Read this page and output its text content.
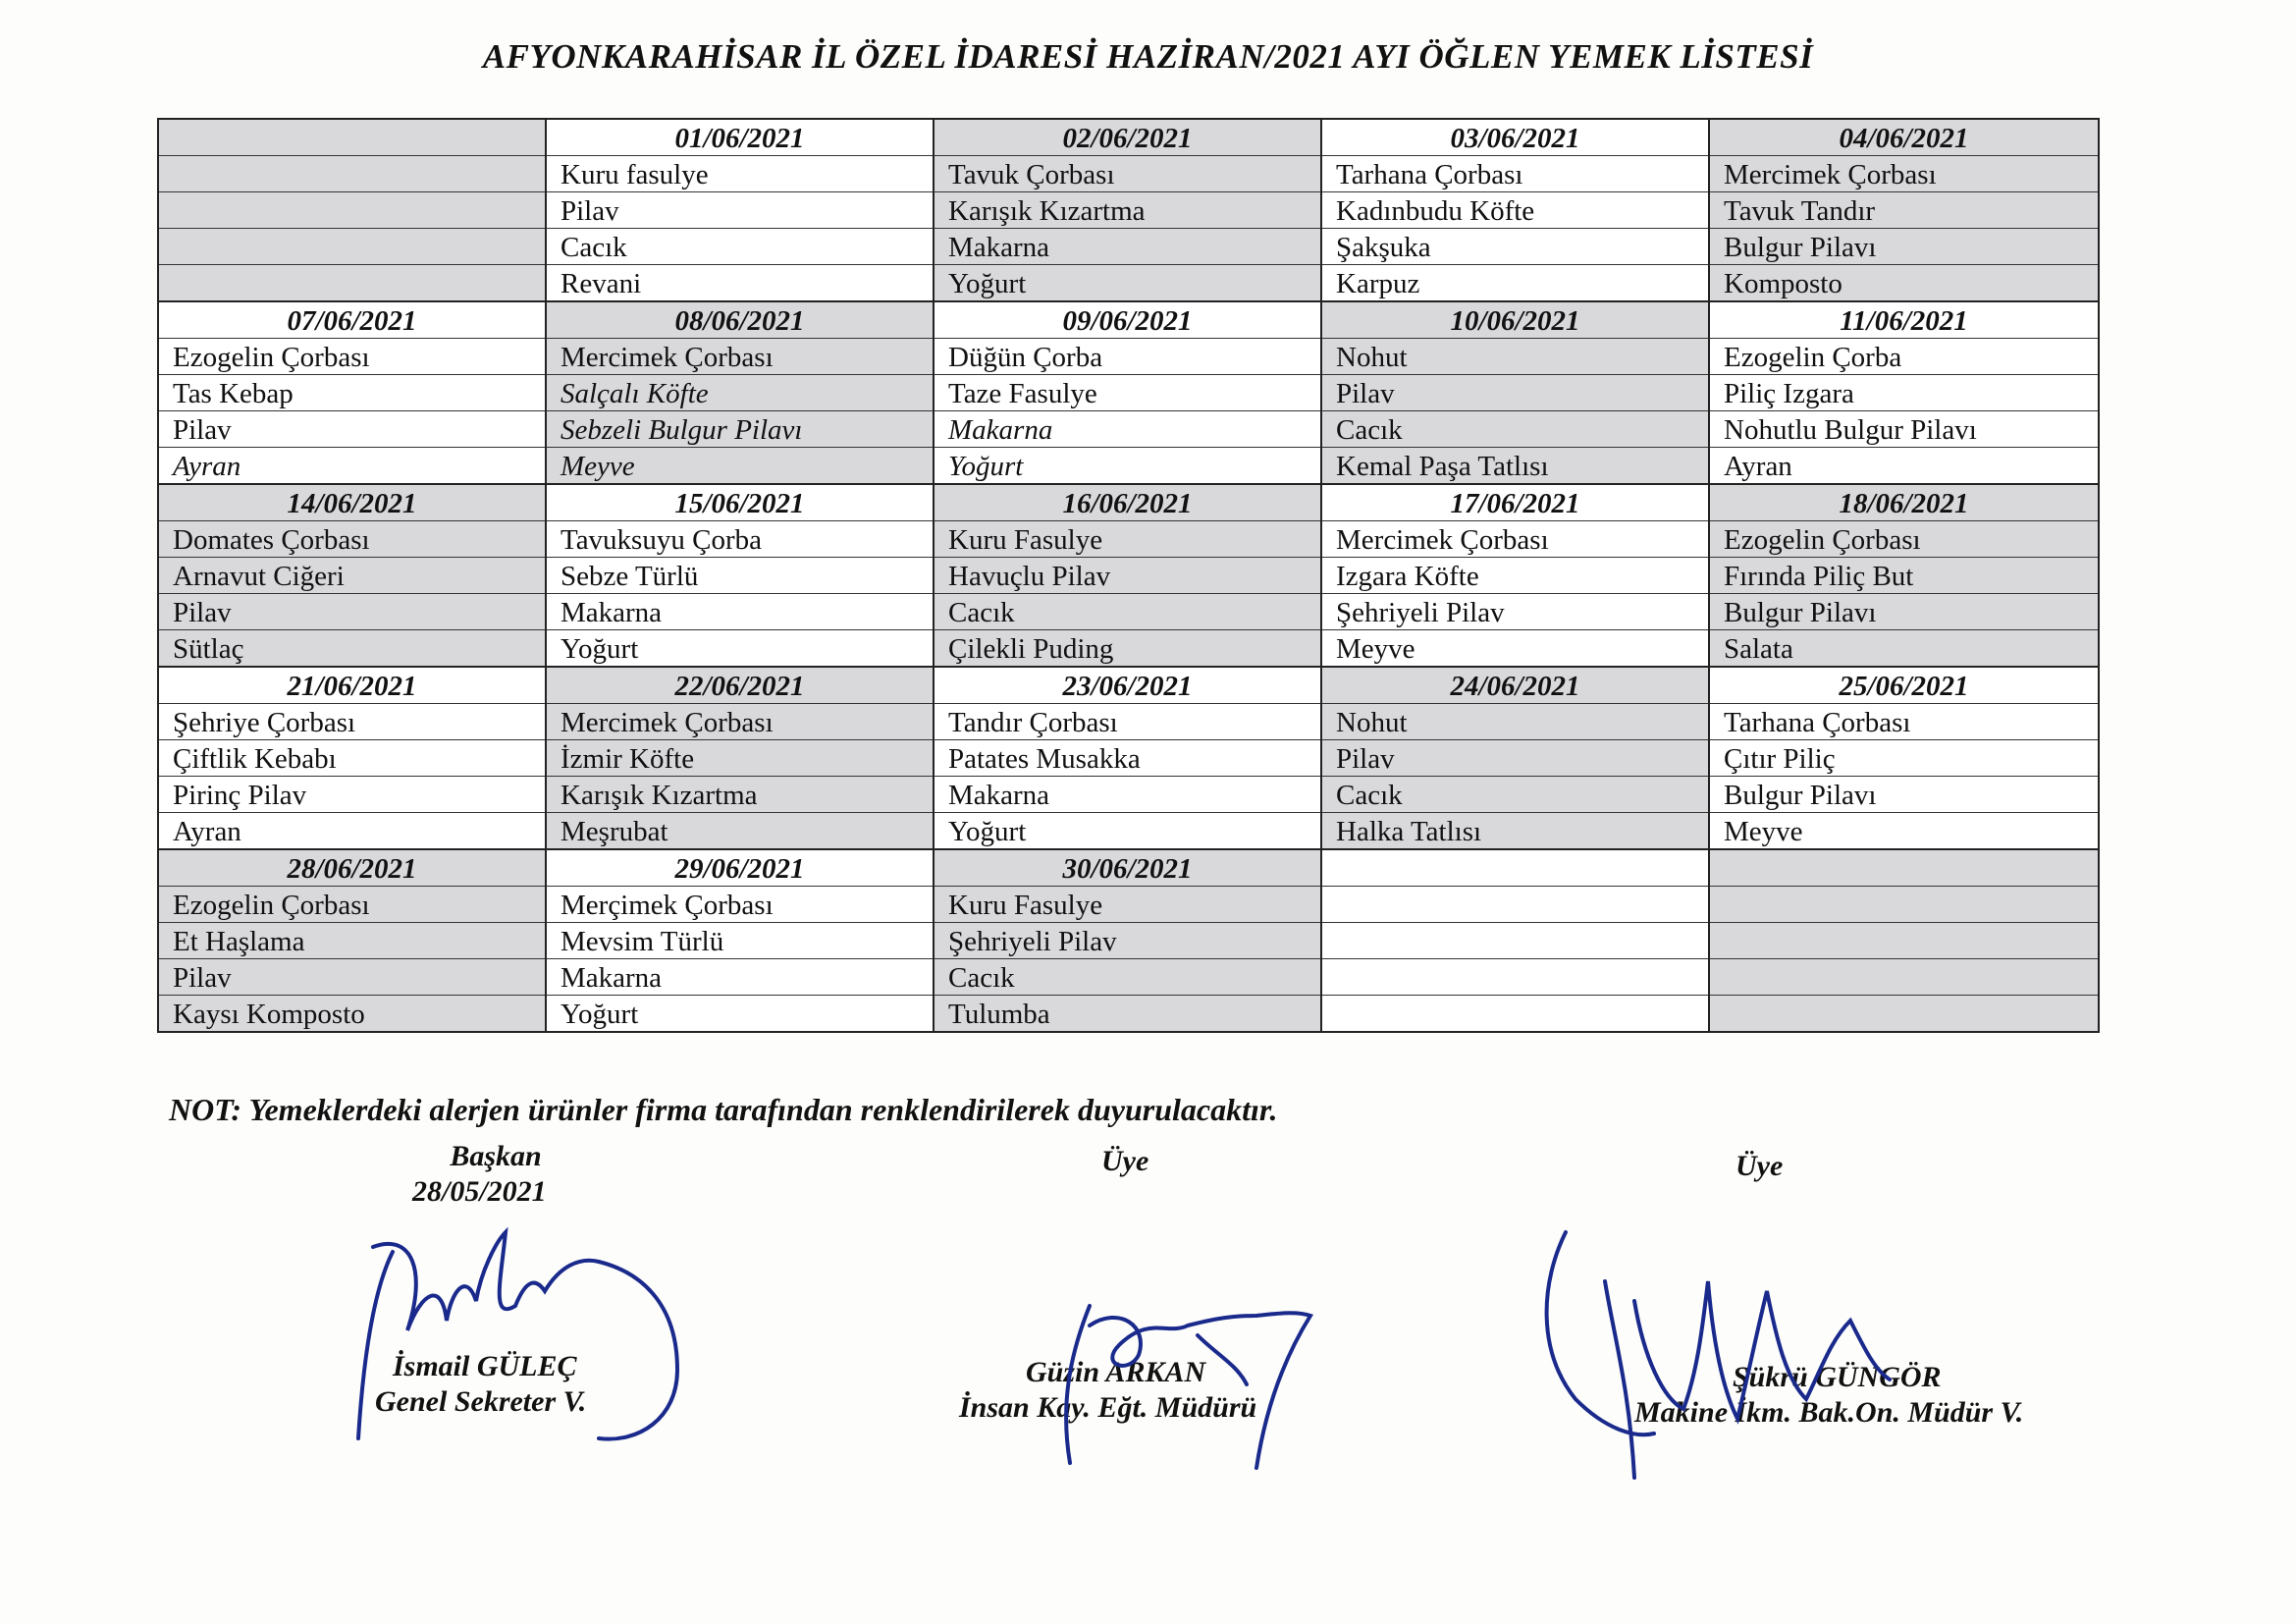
AFYONKARAHİSAR İL ÖZEL İDARESİ HAZİRAN/2021 AYI ÖĞLEN YEMEK LİSTESİ
01/06/2021
Kuru fasulye
Pilav
Cacık
Revani
02/06/2021
Tavuk Çorbası
Karışık Kızartma
Makarna
Yoğurt
03/06/2021
Tarhana Çorbası
Kadınbudu Köfte
Şakşuka
Karpuz
04/06/2021
Mercimek Çorbası
Tavuk Tandır
Bulgur Pilavı
Komposto
07/06/2021
Ezogelin Çorbası
Tas Kebap
Pilav
Ayran
08/06/2021
Mercimek Çorbası
Salçalı Köfte
Sebzeli Bulgur Pilavı
Meyve
09/06/2021
Düğün Çorba
Taze Fasulye
Makarna
Yoğurt
10/06/2021
Nohut
Pilav
Cacık
Kemal Paşa Tatlısı
11/06/2021
Ezogelin Çorba
Piliç Izgara
Nohutlu Bulgur Pilavı
Ayran
14/06/2021
Domates Çorbası
Arnavut Ciğeri
Pilav
Sütlaç
15/06/2021
Tavuksuyu Çorba
Sebze Türlü
Makarna
Yoğurt
16/06/2021
Kuru Fasulye
Havuçlu Pilav
Cacık
Çilekli Puding
17/06/2021
Mercimek Çorbası
Izgara Köfte
Şehriyeli Pilav
Meyve
18/06/2021
Ezogelin Çorbası
Fırında Piliç But
Bulgur Pilavı
Salata
21/06/2021
Şehriye Çorbası
Çiftlik Kebabı
Pirinç Pilav
Ayran
22/06/2021
Mercimek Çorbası
İzmir Köfte
Karışık Kızartma
Meşrubat
23/06/2021
Tandır Çorbası
Patates Musakka
Makarna
Yoğurt
24/06/2021
Nohut
Pilav
Cacık
Halka Tatlısı
25/06/2021
Tarhana Çorbası
Çıtır Piliç
Bulgur Pilavı
Meyve
28/06/2021
Ezogelin Çorbası
Et Haşlama
Pilav
Kaysı Komposto
29/06/2021
Merçimek Çorbası
Mevsim Türlü
Makarna
Yoğurt
30/06/2021
Kuru Fasulye
Şehriyeli Pilav
Cacık
Tulumba
NOT: Yemeklerdeki alerjen ürünler firma tarafından renklendirilerek duyurulacaktır.
Başkan
28/05/2021
İsmail GÜLEÇ
Genel Sekreter V.
Üye
Güzin ARKAN
İnsan Kay. Eğt. Müdürü
Üye
Şükrü GÜNGÖR
Makine İkm. Bak.On. Müdür V.
